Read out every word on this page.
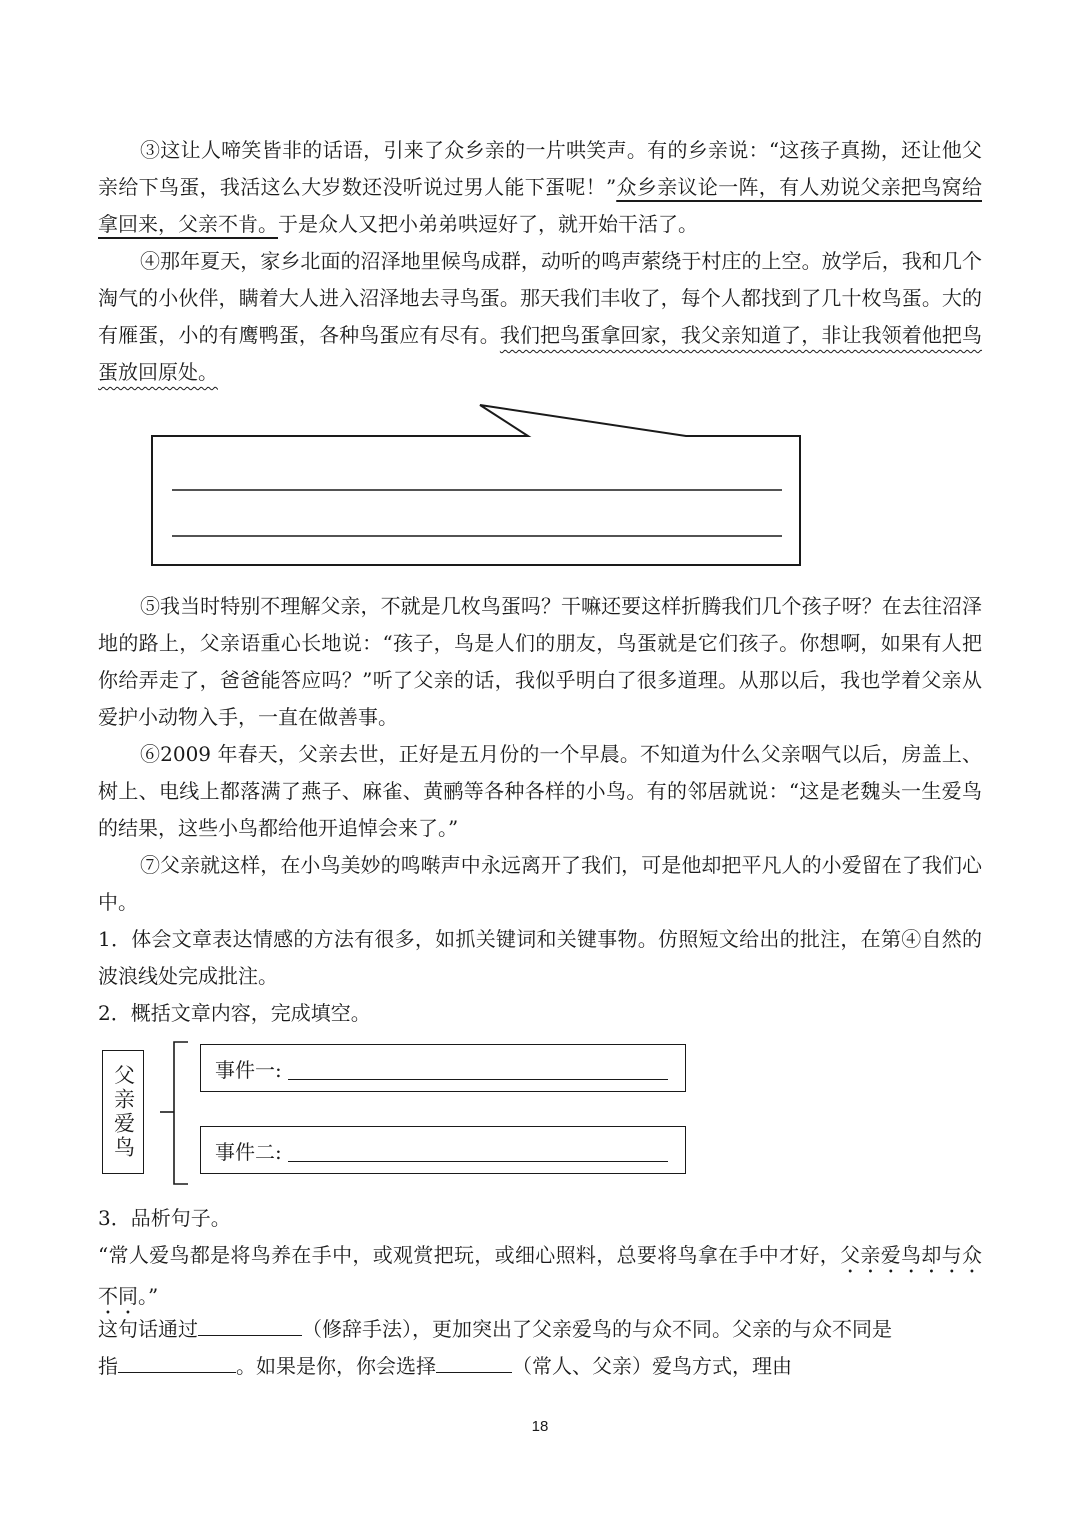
③这让人啼笑皆非的话语，引来了众乡亲的一片哄笑声。有的乡亲说：“这孩子真拗，还让他父亲给下鸟蛋，我活这么大岁数还没听说过男人能下蛋呢！”众乡亲议论一阵，有人劝说父亲把鸟窝给拿回来，父亲不肯。于是众人又把小弟弟哄逗好了，就开始干活了。

④那年夏天，家乡北面的沼泽地里候鸟成群，动听的鸣声萦绕于村庄的上空。放学后，我和几个淘气的小伙伴，瞒着大人进入沼泽地去寻鸟蛋。那天我们丰收了，每个人都找到了几十枚鸟蛋。大的有雁蛋，小的有鹰鸭蛋，各种鸟蛋应有尽有。我们把鸟蛋拿回家，我父亲知道了，非让我领着他把鸟蛋放回原处。

⑤我当时特别不理解父亲，不就是几枚鸟蛋吗？干嘛还要这样折腾我们几个孩子呀？在去往沼泽地的路上，父亲语重心长地说：“孩子，鸟是人们的朋友，鸟蛋就是它们孩子。你想啊，如果有人把你给弄走了，爸爸能答应吗？”听了父亲的话，我似乎明白了很多道理。从那以后，我也学着父亲从爱护小动物入手，一直在做善事。

⑥2009 年春天，父亲去世，正好是五月份的一个早晨。不知道为什么父亲咽气以后，房盖上、树上、电线上都落满了燕子、麻雀、黄鹂等各种各样的小鸟。有的邻居就说：“这是老魏头一生爱鸟的结果，这些小鸟都给他开追悼会来了。”

⑦父亲就这样，在小鸟美妙的鸣啭声中永远离开了我们，可是他却把平凡人的小爱留在了我们心中。

1．体会文章表达情感的方法有很多，如抓关键词和关键事物。仿照短文给出的批注，在第④自然的波浪线处完成批注。

2．概括文章内容，完成填空。

父亲爱鸟	事件一:
事件二:

3．品析句子。

“常人爱鸟都是将鸟养在手中，或观赏把玩，或细心照料，总要将鸟拿在手中才好，父亲爱鸟却与众不同。”

这句话通过	（修辞手法），更加突出了父亲爱鸟的与众不同。父亲的与众不同是
指	。如果是你，你会选择	（常人、父亲）爱鸟方式，理由

18
